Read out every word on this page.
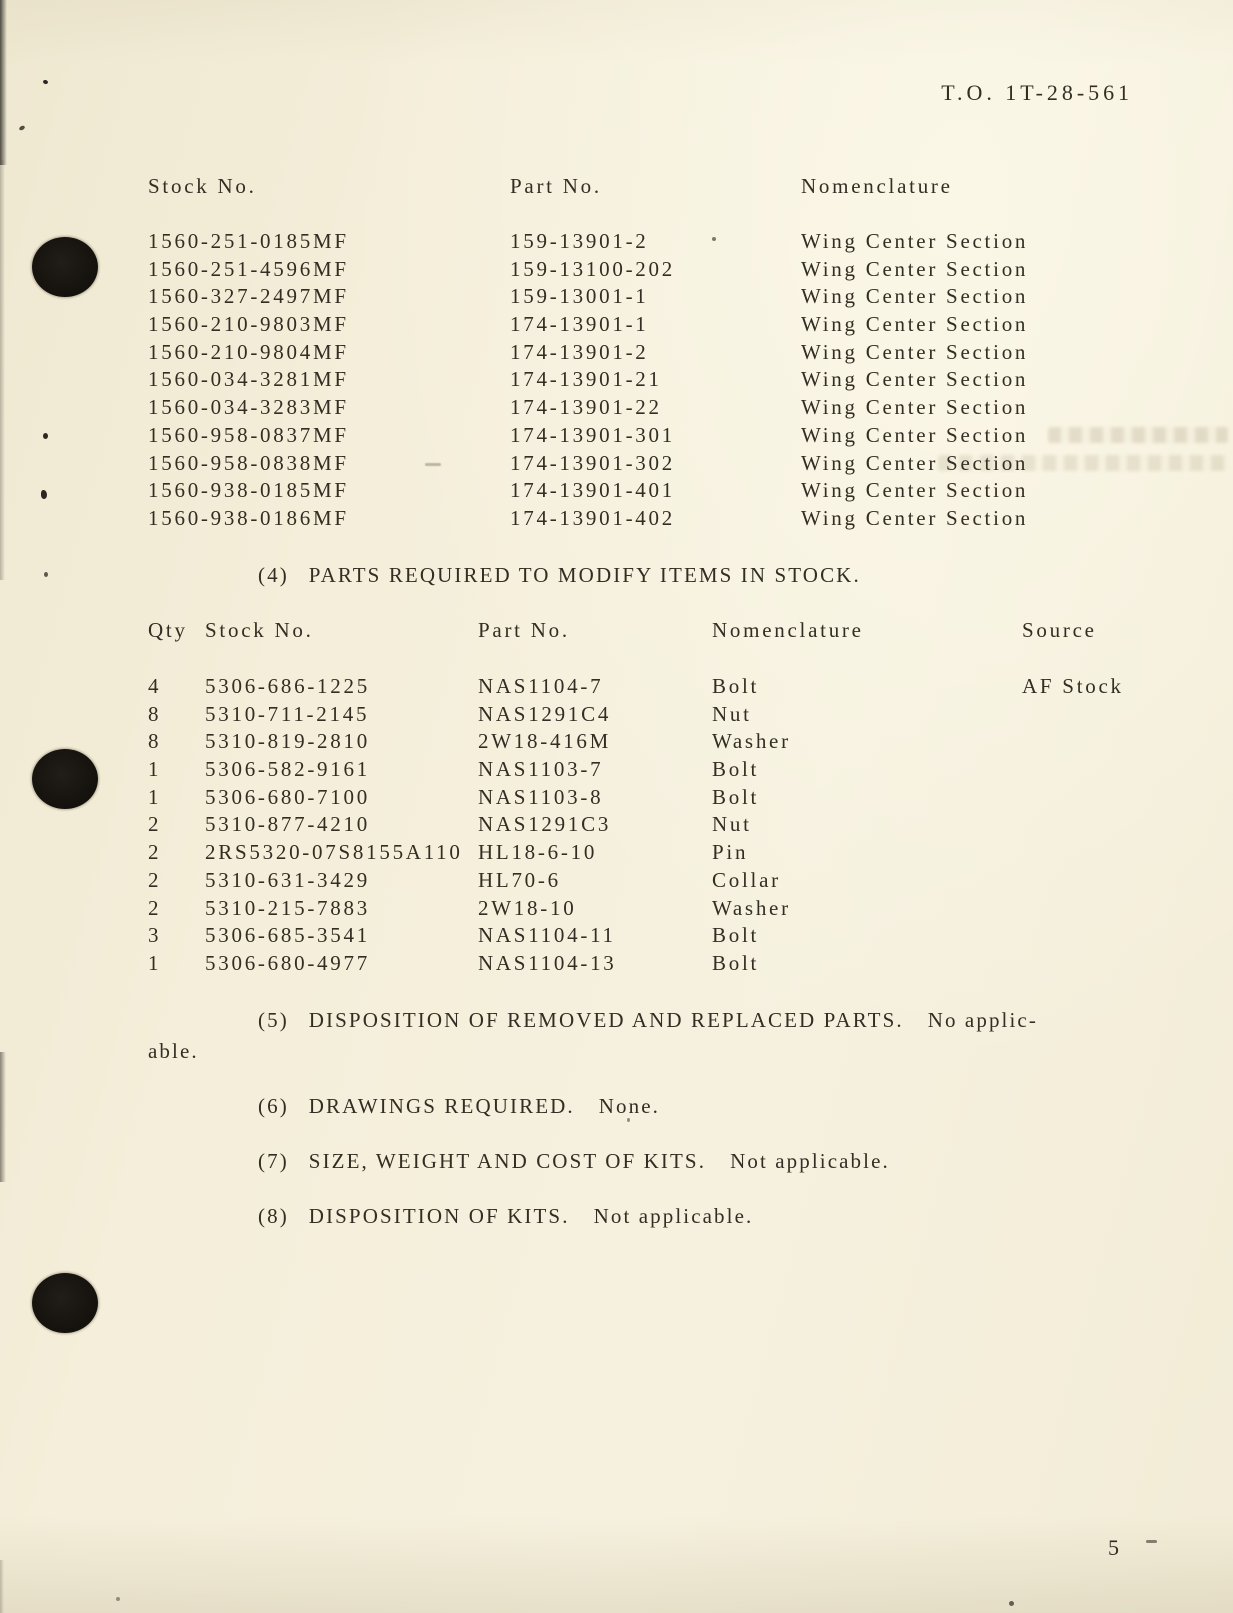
T.O. 1T-28-561
Stock No.	Part No.	Nomenclature
1560-251-0185MF	159-13901-2	Wing Center Section
1560-251-4596MF	159-13100-202	Wing Center Section
1560-327-2497MF	159-13001-1	Wing Center Section
1560-210-9803MF	174-13901-1	Wing Center Section
1560-210-9804MF	174-13901-2	Wing Center Section
1560-034-3281MF	174-13901-21	Wing Center Section
1560-034-3283MF	174-13901-22	Wing Center Section
1560-958-0837MF	174-13901-301	Wing Center Section
1560-958-0838MF	174-13901-302	Wing Center Section
1560-938-0185MF	174-13901-401	Wing Center Section
1560-938-0186MF	174-13901-402	Wing Center Section
(4) PARTS REQUIRED TO MODIFY ITEMS IN STOCK.
Qty Stock No.	Part No.	Nomenclature	Source
4 5306-686-1225	NAS1104-7	Bolt	AF Stock
8 5310-711-2145	NAS1291C4	Nut
8 5310-819-2810	2W18-416M	Washer
1 5306-582-9161	NAS1103-7	Bolt
1 5306-680-7100	NAS1103-8	Bolt
2 5310-877-4210	NAS1291C3	Nut
2 2RS5320-07S8155A110 HL18-6-10	Pin
2 5310-631-3429	HL70-6	Collar
2 5310-215-7883	2W18-10	Washer
3 5306-685-3541	NAS1104-11	Bolt
1 5306-680-4977	NAS1104-13	Bolt
(5) DISPOSITION OF REMOVED AND REPLACED PARTS. No applic-
able.
(6) DRAWINGS REQUIRED. None.
(7) SIZE, WEIGHT AND COST OF KITS. Not applicable.
(8) DISPOSITION OF KITS. Not applicable.
5
